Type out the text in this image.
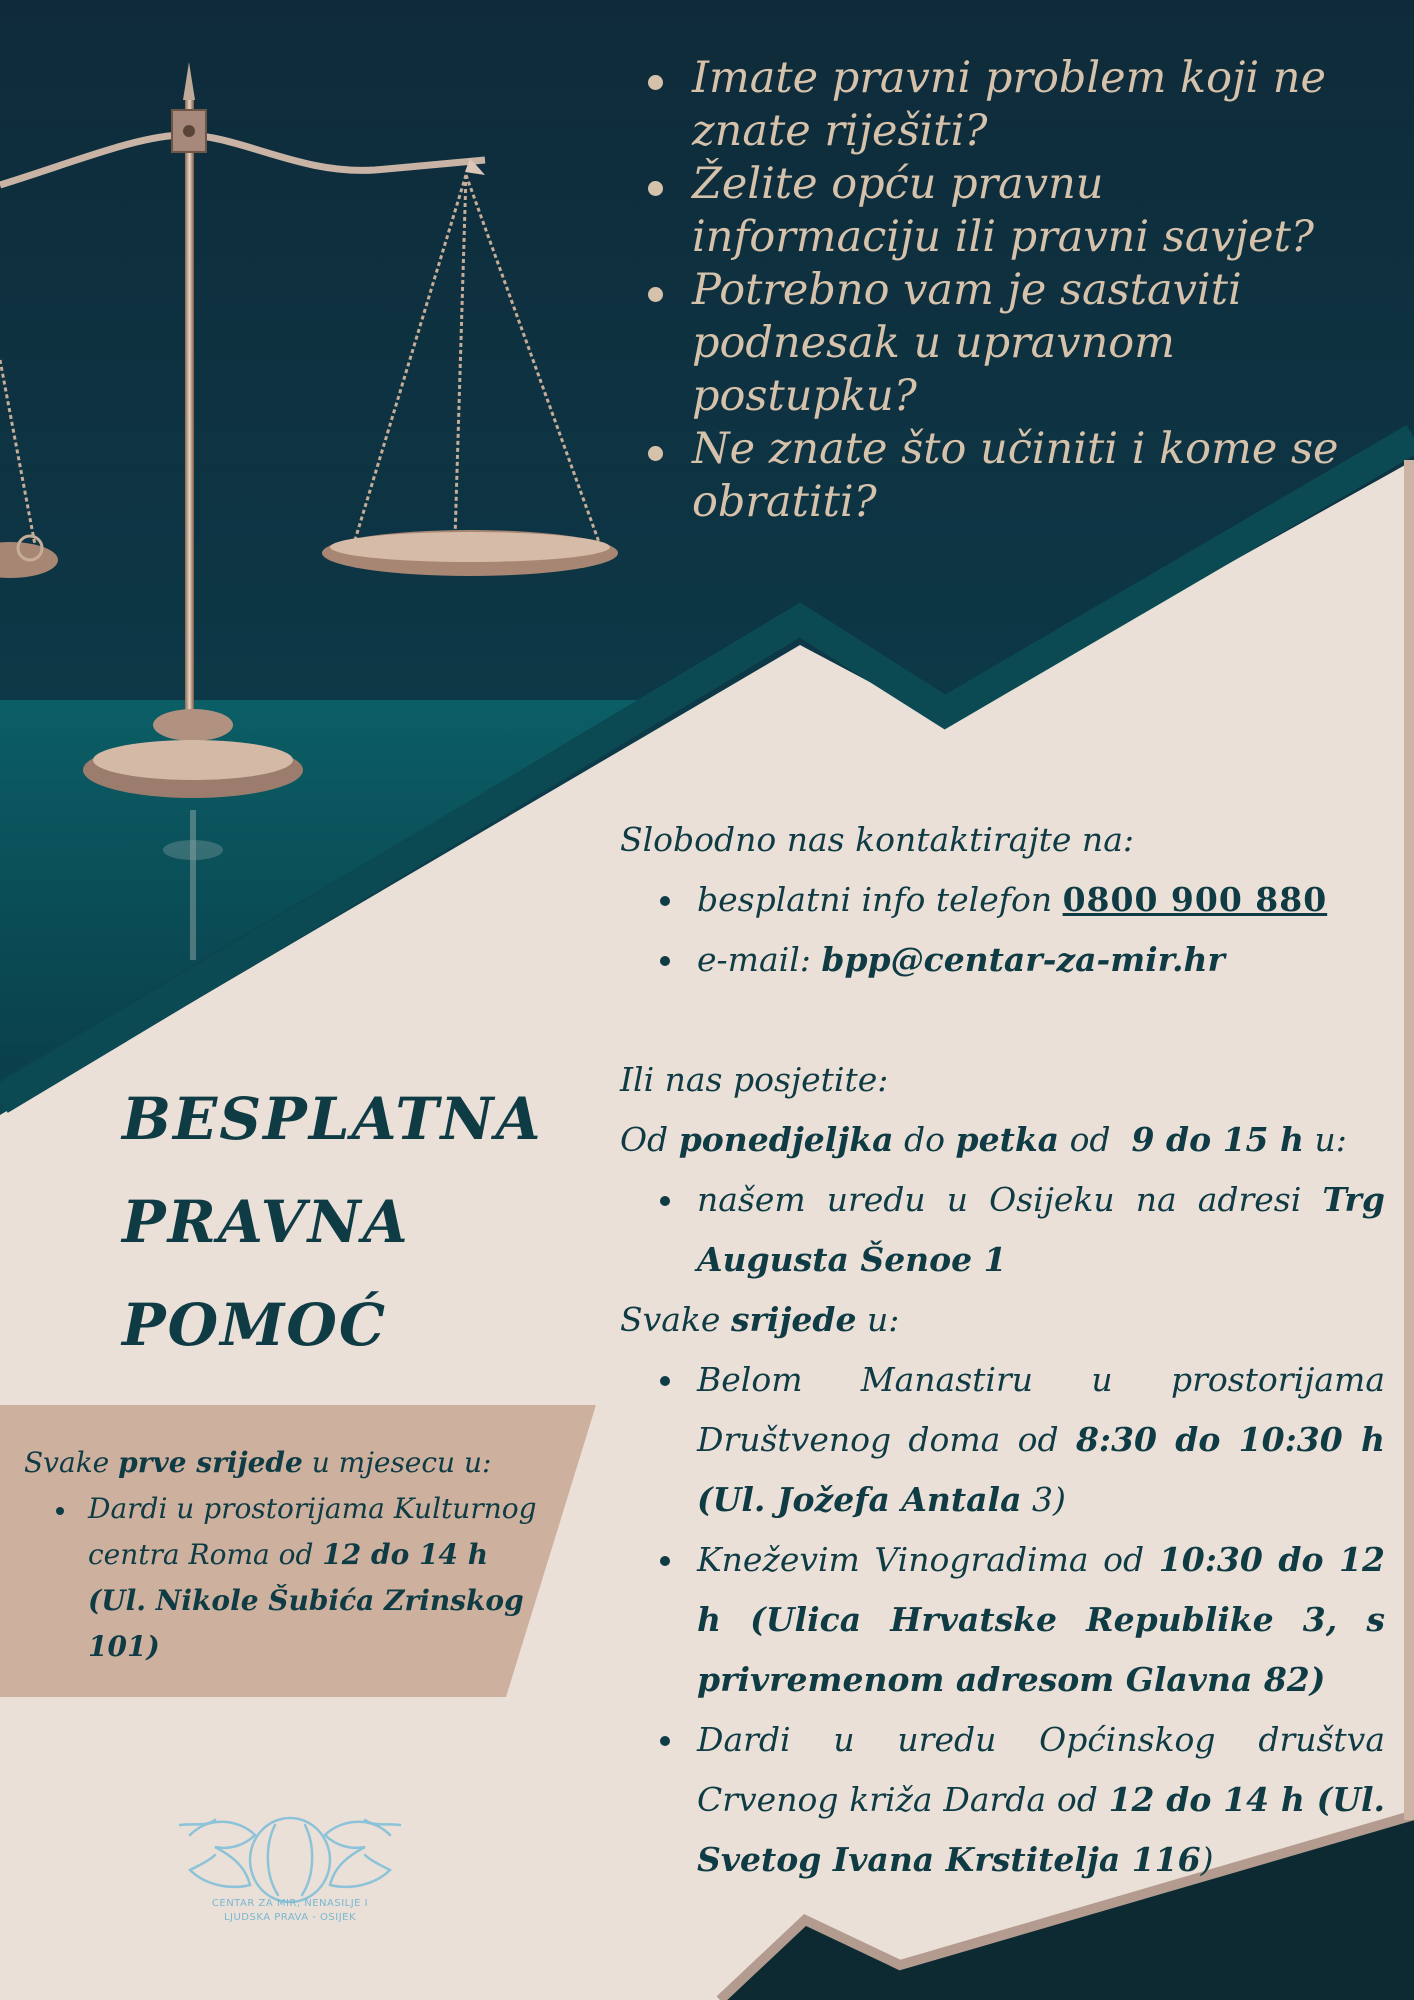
Imate pravni problem koji ne znate riješiti?
Želite opću pravnu informaciju ili pravni savjet?
Potrebno vam je sastaviti podnesak u upravnom postupku?
Ne znate što učiniti i kome se obratiti?

Slobodno nas kontaktirajte na:

besplatni info telefon 0800 900 880
e-mail: bpp@centar-za-mir.hr

Ili nas posjetite:

Od ponedjeljka do petka od 9 do 15 h u:

našem uredu u Osijeku na adresi Trg Augusta Šenoe 1

Svake srijede u:

Belom Manastiru u prostorijama Društvenog doma od 8:30 do 10:30 h (Ul. Jožefa Antala 3)
Kneževim Vinogradima od 10:30 do 12 h (Ulica Hrvatske Republike 3, s privremenom adresom Glavna 82)
Dardi u uredu Općinskog društva Crvenog križa Darda od 12 do 14 h (Ul. Svetog Ivana Krstitelja 116)
BESPLATNA
PRAVNA
POMOĆ

Svake prve srijede u mjesecu u:

Dardi u prostorijama Kulturnog centra Roma od 12 do 14 h (Ul. Nikole Šubića Zrinskog 101)
CENTAR ZA MIR, NENASILJE I
LJUDSKA PRAVA - OSIJEK
